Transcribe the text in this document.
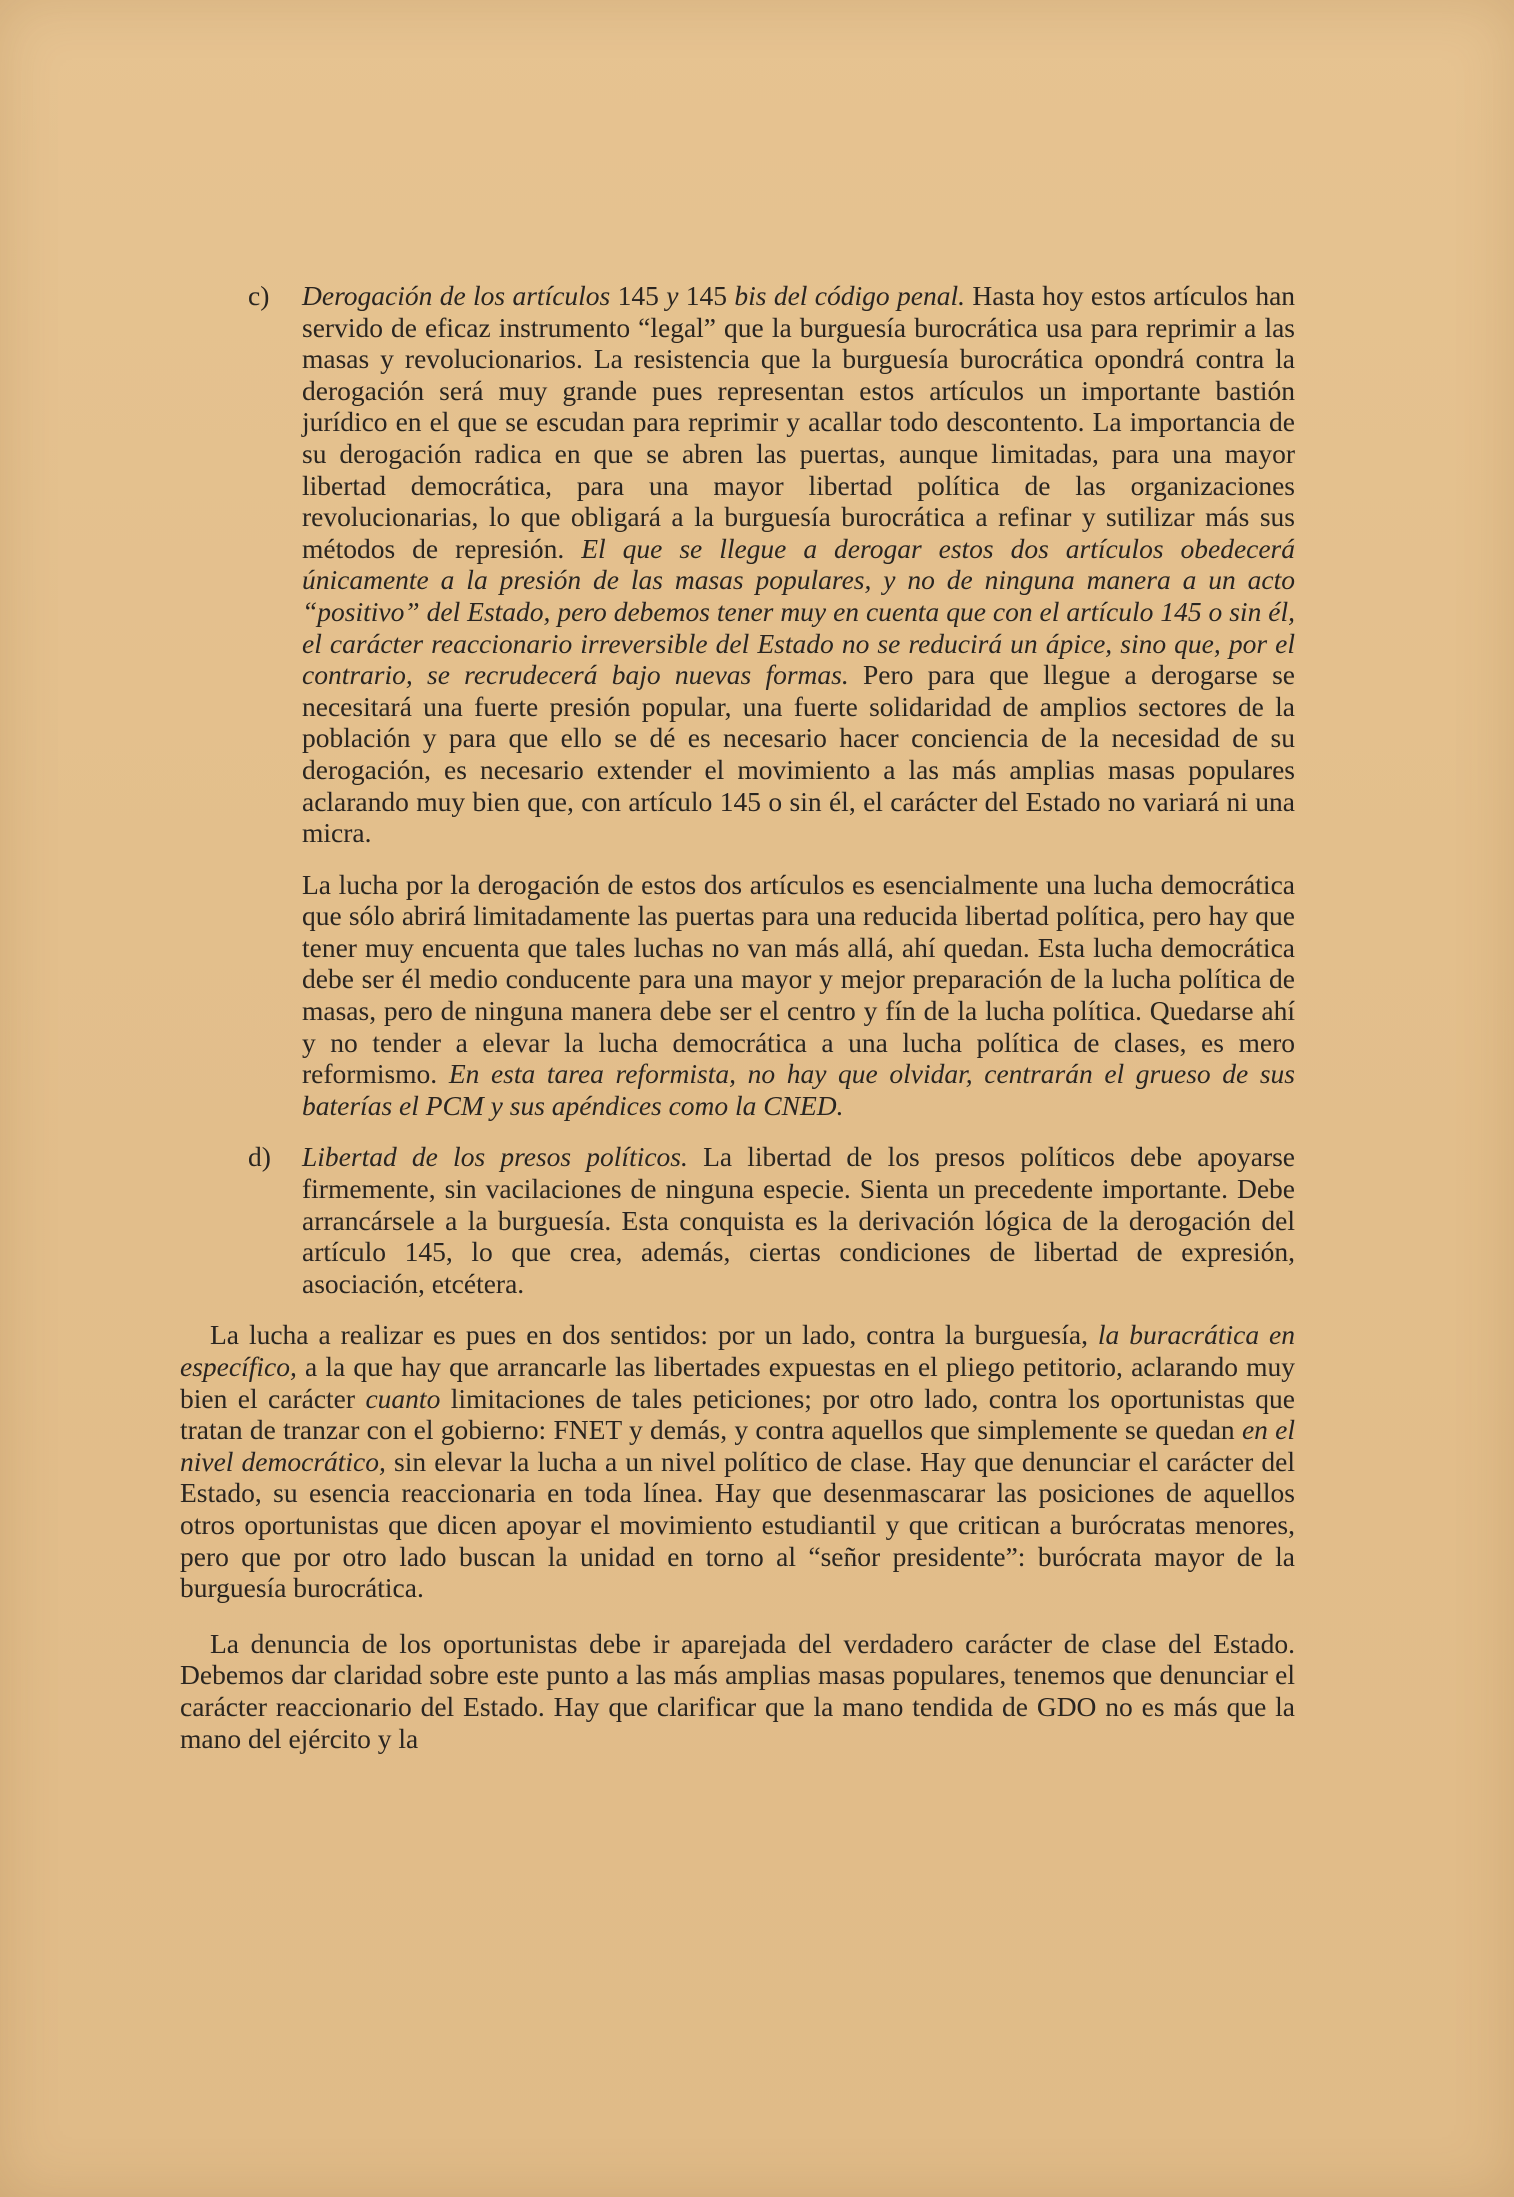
c) Derogación de los artículos 145 y 145 bis del código penal. Hasta hoy estos artículos han servido de eficaz instrumento “legal” que la burguesía burocrática usa para reprimir a las masas y revolucionarios. La resistencia que la burguesía burocrática opondrá contra la derogación será muy grande pues representan estos artículos un importante bastión jurídico en el que se escudan para reprimir y acallar todo descontento. La importancia de su derogación radica en que se abren las puertas, aunque limitadas, para una mayor libertad democrática, para una mayor libertad política de las organizaciones revolucionarias, lo que obligará a la burguesía burocrática a refinar y sutilizar más sus métodos de represión. El que se llegue a derogar estos dos artículos obedecerá únicamente a la presión de las masas populares, y no de ninguna manera a un acto “positivo” del Estado, pero debemos tener muy en cuenta que con el artículo 145 o sin él, el carácter reaccionario irreversible del Estado no se reducirá un ápice, sino que, por el contrario, se recrudecerá bajo nuevas formas. Pero para que llegue a derogarse se necesitará una fuerte presión popular, una fuerte solidaridad de amplios sectores de la población y para que ello se dé es necesario hacer conciencia de la necesidad de su derogación, es necesario extender el movimiento a las más amplias masas populares aclarando muy bien que, con artículo 145 o sin él, el carácter del Estado no variará ni una micra.

La lucha por la derogación de estos dos artículos es esencialmente una lucha democrática que sólo abrirá limitadamente las puertas para una reducida libertad política, pero hay que tener muy encuenta que tales luchas no van más allá, ahí quedan. Esta lucha democrática debe ser él medio conducente para una mayor y mejor preparación de la lucha política de masas, pero de ninguna manera debe ser el centro y fín de la lucha política. Quedarse ahí y no tender a elevar la lucha democrática a una lucha política de clases, es mero reformismo. En esta tarea reformista, no hay que olvidar, centrarán el grueso de sus baterías el PCM y sus apéndices como la CNED.

d) Libertad de los presos políticos. La libertad de los presos políticos debe apoyarse firmemente, sin vacilaciones de ninguna especie. Sienta un precedente importante. Debe arrancársele a la burguesía. Esta conquista es la derivación lógica de la derogación del artículo 145, lo que crea, además, ciertas condiciones de libertad de expresión, asociación, etcétera.

La lucha a realizar es pues en dos sentidos: por un lado, contra la burguesía, la buracrática en específico, a la que hay que arrancarle las libertades expuestas en el pliego petitorio, aclarando muy bien el carácter cuanto limitaciones de tales peticiones; por otro lado, contra los oportunistas que tratan de tranzar con el gobierno: FNET y demás, y contra aquellos que simplemente se quedan en el nivel democrático, sin elevar la lucha a un nivel político de clase. Hay que denunciar el carácter del Estado, su esencia reaccionaria en toda línea. Hay que desenmascarar las posiciones de aquellos otros oportunistas que dicen apoyar el movimiento estudiantil y que critican a burócratas menores, pero que por otro lado buscan la unidad en torno al “señor presidente”: burócrata mayor de la burguesía burocrática.

La denuncia de los oportunistas debe ir aparejada del verdadero carácter de clase del Estado. Debemos dar claridad sobre este punto a las más amplias masas populares, tenemos que denunciar el carácter reaccionario del Estado. Hay que clarificar que la mano tendida de GDO no es más que la mano del ejército y la
